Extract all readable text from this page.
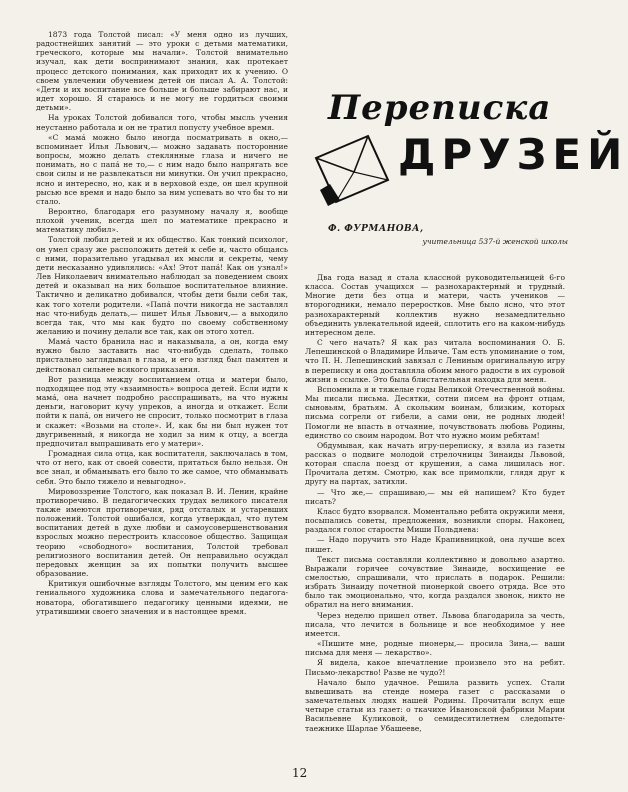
1873 года Толстой писал: «У меня одно из лучших, радостнейших занятий — это уроки с детьми математики, греческого, которые мы начали». Толстой внимательно изучал, как дети воспринимают знания, как протекает процесс детского понимания, как приходят их к учению. О своем увлечении обучением детей он писал А. А. Толстой: «Дети и их воспитание все больше и больше забирают нас, и идет хорошо. Я стараюсь и не могу не гордиться своими детьми».

На уроках Толстой добивался того, чтобы мысль учения неустанно работала и он не тратил попусту учебное время.

«С мамá можно было иногда посматривать в окно,— вспоминает Илья Львович,— можно задавать посторонние вопросы, можно делать стеклянные глаза и ничего не понимать, но с папá не то,— с ним надо было напрягать все свои силы и не развлекаться ни минутки. Он учил прекрасно, ясно и интересно, но, как и в верховой езде, он шел крупной рысью все время и надо было за ним успевать во что бы то ни стало.

Вероятно, благодаря его разумному началу я, вообще плохой ученик, всегда шел по математике прекрасно и математику любил».

Толстой любил детей и их общество. Как тонкий психолог, он умел сразу же расположить детей к себе и, часто общаясь с ними, поразительно угадывал их мысли и секреты, чему дети несказанно удивлялись: «Ах! Этот папá! Как он узнал!» Лев Николаевич внимательно наблюдал за поведением своих детей и оказывал на них большое воспитательное влияние. Тактично и деликатно добивался, чтобы дети были себя так, как того хотели родители. «Папá почти никогда не заставлял нас что-нибудь делать,— пишет Илья Львович,— а выходило всегда так, что мы как будто по своему собственному желанию и почину делали все так, как он этого хотел.

Мамá часто бранила нас и наказывала, а он, когда ему нужно было заставить нас что-нибудь сделать, только пристально заглядывал в глаза, и его взгляд был памятен и действовал сильнее всякого приказания.

Вот разница между воспитанием отца и матери было, подходящее под эту «взаимность» вопроса детей. Если идти к мамá, она начнет подробно расспрашивать, на что нужны деньги, наговорит кучу упреков, а иногда и откажет. Если пойти к папá, он ничего не спросит, только посмотрит в глаза и скажет: «Возьми на столе». И, как бы ни был нужен тот двугривенный, я никогда не ходил за ним к отцу, а всегда предпочитал выпрашивать его у матери».

Громадная сила отца, как воспитателя, заключалась в том, что от него, как от своей совести, прятаться было нельзя. Он все знал, и обманывать его было то же самое, что обманывать себя. Это было тяжело и невыгодно».

Мировоззрение Толстого, как показал В. И. Ленин, крайне противоречиво. В педагогических трудах великого писателя также имеются противоречия, ряд отсталых и устаревших положений. Толстой ошибался, когда утверждал, что путем воспитания детей в духе любви и самоусовершенствования взрослых можно перестроить классовое общество. Защищая теорию «свободного» воспитания, Толстой требовал религиозного воспитания детей. Он неправильно осуждал передовых женщин за их попытки получить высшее образование.

Критикуя ошибочные взгляды Толстого, мы ценим его как гениального художника слова и замечательного педагога-новатора, обогатившего педагогику ценными идеями, не утратившими своего значения и в настоящее время.

Переписка
ДРУЗЕЙ
Ф. ФУРМАНОВА,
учительница 537-й женской школы

Два года назад я стала классной руководительницей 6-го класса. Состав учащихся — разнохарактерный и трудный. Многие дети без отца и матери, часть учеников — второгодники, немало переростков. Мне было ясно, что этот разнохарактерный коллектив нужно незамедлительно объединить увлекательной идеей, сплотить его на каком-нибудь интересном деле.

С чего начать? Я как раз читала воспоминания О. Б. Лепешинской о Владимире Ильиче. Там есть упоминание о том, что П. Н. Лепешинский завязал с Лениным оригинальную игру в переписку и она доставляла обоим много радости в их суровой жизни в ссылке. Это была блистательная находка для меня.

Вспомнила я и тяжелые годы Великой Отечественной войны. Мы писали письма. Десятки, сотни писем на фронт отцам, сыновьям, братьям. А скольким воинам, близким, которых письма согрели от гибели, а сами они, не родных людей! Помогли не впасть в отчаяние, почувствовать любовь Родины, единство со своим народом. Вот что нужно моим ребятам!

Обдумывая, как начать игру-переписку, я взяла из газеты рассказ о подвиге молодой стрелочницы Зинаиды Львовой, которая спасла поезд от крушения, а сама лишилась ног. Прочитала детям. Смотрю, как все примолкли, глядя друг к другу на партах, затихли.

— Что же,— спрашиваю,— мы ей напишем? Кто будет писать?

Класс будто взорвался. Моментально ребята окружили меня, посыпались советы, предложения, возникли споры. Наконец, раздался голос старосты Миши Польдяева:

— Надо поручить это Наде Крапивницкой, она лучше всех пишет.

Текст письма составляли коллективно и довольно азартно. Выражали горячее сочувствие Зинаиде, восхищение ее смелостью, спрашивали, что прислать в подарок. Решили: избрать Зинаиду почетной пионеркой своего отряда. Все это было так эмоционально, что, когда раздался звонок, никто не обратил на него внимания.

Через неделю пришел ответ. Львова благодарила за честь, писала, что лечится в больнице и все необходимое у нее имеется.

«Пишите мне, родные пионеры,— просила Зина,— ваши письма для меня — лекарство».

Я видела, какое впечатление произвело это на ребят. Письмо-лекарство! Разве не чудо?!

Начало было удачное. Решила развить успех. Стали вывешивать на стенде номера газет с рассказами о замечательных людях нашей Родины. Прочитали вслух еще четыре статьи из газет: о ткачихе Ивановской фабрики Марии Васильевне Куликовой, о семидесятилетнем следопыте-таежнике Шарлае Убашееве,

12
